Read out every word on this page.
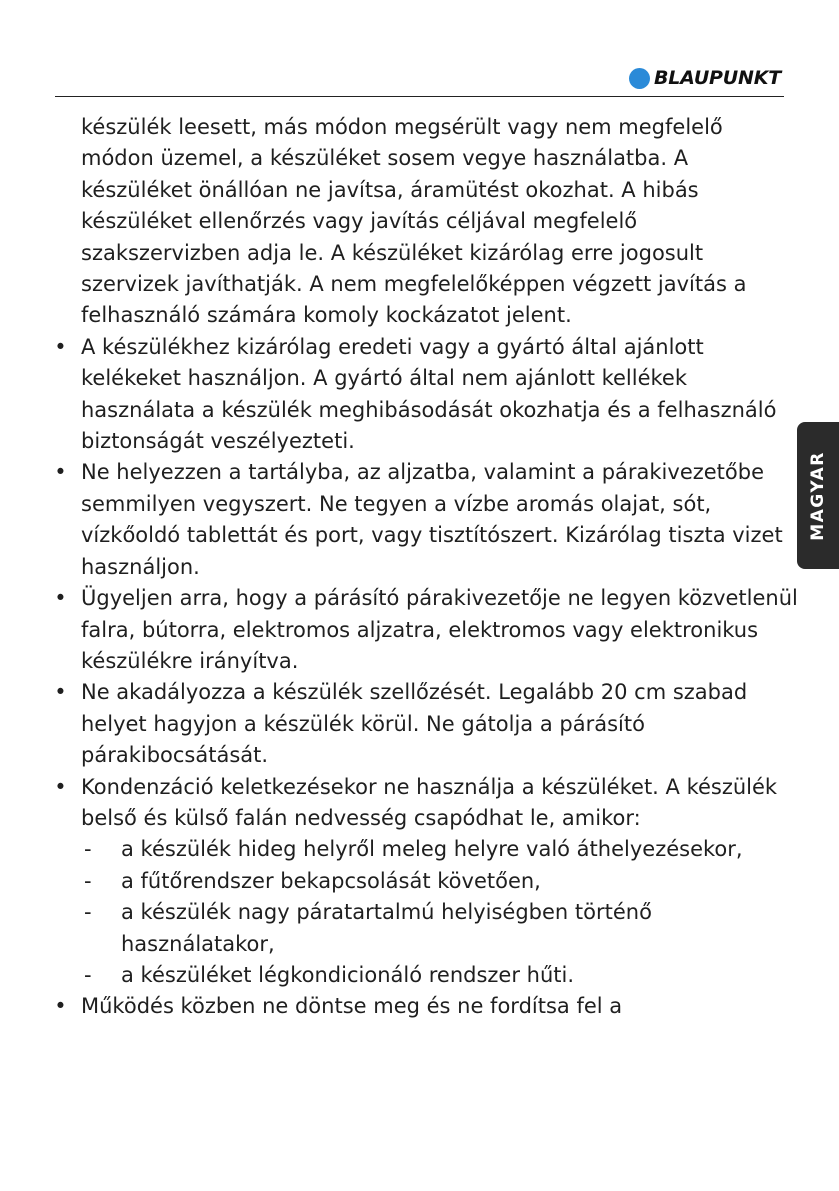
BLAUPUNKT
MAGYAR
készülék leesett, más módon megsérült vagy nem megfelelő módon üzemel, a készüléket sosem vegye használatba. A készüléket önállóan ne javítsa, áramütést okozhat. A hibás készüléket ellenőrzés vagy javítás céljával megfelelő szakszervizben adja le. A készüléket kizárólag erre jogosult szervizek javíthatják. A nem megfelelőképpen végzett javítás a felhasználó számára komoly kockázatot jelent.
• A készülékhez kizárólag eredeti vagy a gyártó által ajánlott kelékeket használjon. A gyártó által nem ajánlott kellékek használata a készülék meghibásodását okozhatja és a felhasználó biztonságát veszélyezteti.
• Ne helyezzen a tartályba, az aljzatba, valamint a párakivezetőbe semmilyen vegyszert. Ne tegyen a vízbe aromás olajat, sót, vízkőoldó tablettát és port, vagy tisztítószert. Kizárólag tiszta vizet használjon.
• Ügyeljen arra, hogy a párásító párakivezetője ne legyen közvetlenül falra, bútorra, elektromos aljzatra, elektromos vagy elektronikus készülékre irányítva.
• Ne akadályozza a készülék szellőzését. Legalább 20 cm szabad helyet hagyjon a készülék körül. Ne gátolja a párásító párakibocsátását.
• Kondenzáció keletkezésekor ne használja a készüléket. A készülék belső és külső falán nedvesség csapódhat le, amikor:
- a készülék hideg helyről meleg helyre való áthelyezésekor,
- a fűtőrendszer bekapcsolását követően,
- a készülék nagy páratartalmú helyiségben történő használatakor,
- a készüléket légkondicionáló rendszer hűti.
• Működés közben ne döntse meg és ne fordítsa fel a
